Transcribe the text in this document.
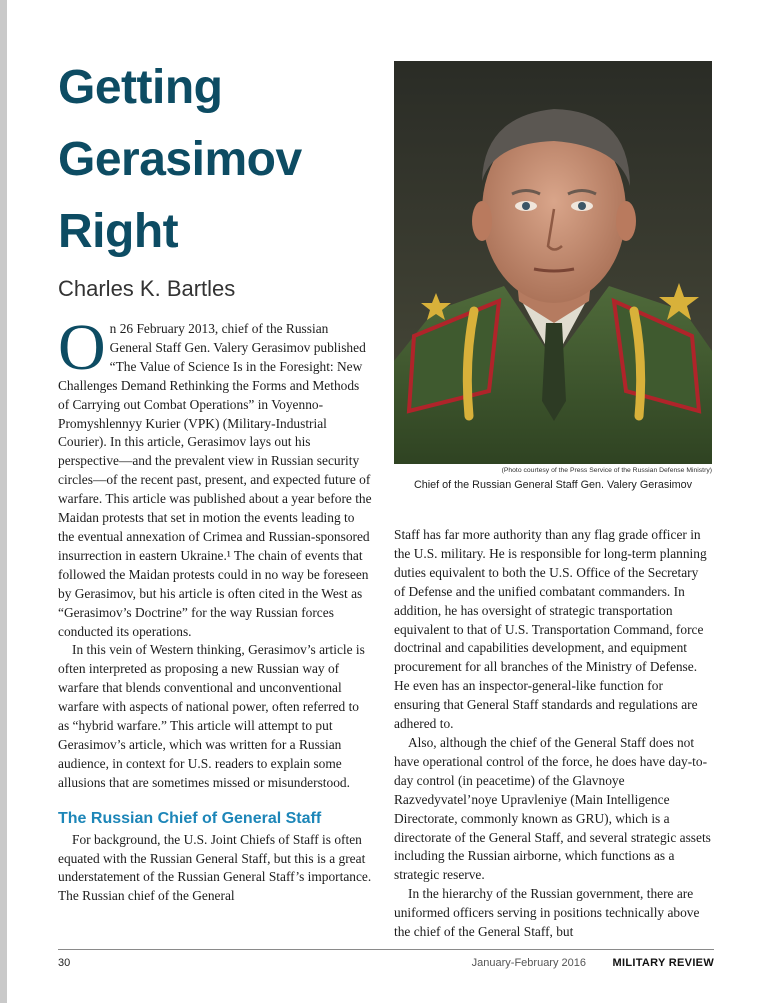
Getting
Gerasimov
Right

Charles K. Bartles

On 26 February 2013, chief of the Russian General Staff Gen. Valery Gerasimov published “The Value of Science Is in the Foresight: New Challenges Demand Rethinking the Forms and Methods of Carrying out Combat Operations” in Voyenno-Promyshlennyy Kurier (VPK) (Military-Industrial Courier). In this article, Gerasimov lays out his perspective—and the prevalent view in Russian security circles—of the recent past, present, and expected future of warfare. This article was published about a year before the Maidan protests that set in motion the events leading to the eventual annexation of Crimea and Russian-sponsored insurrection in eastern Ukraine.¹ The chain of events that followed the Maidan protests could in no way be foreseen by Gerasimov, but his article is often cited in the West as “Gerasimov’s Doctrine” for the way Russian forces conducted its operations.

In this vein of Western thinking, Gerasimov’s article is often interpreted as proposing a new Russian way of warfare that blends conventional and unconventional warfare with aspects of national power, often referred to as “hybrid warfare.” This article will attempt to put Gerasimov’s article, which was written for a Russian audience, in context for U.S. readers to explain some allusions that are sometimes missed or misunderstood.

The Russian Chief of General Staff

For background, the U.S. Joint Chiefs of Staff is often equated with the Russian General Staff, but this is a great understatement of the Russian General Staff’s importance. The Russian chief of the General

(Photo courtesy of the Press Service of the Russian Defense Ministry)
Chief of the Russian General Staff Gen. Valery Gerasimov

Staff has far more authority than any flag grade officer in the U.S. military. He is responsible for long-term planning duties equivalent to both the U.S. Office of the Secretary of Defense and the unified combatant commanders. In addition, he has oversight of strategic transportation equivalent to that of U.S. Transportation Command, force doctrinal and capabilities development, and equipment procurement for all branches of the Ministry of Defense. He even has an inspector-general-like function for ensuring that General Staff standards and regulations are adhered to.

Also, although the chief of the General Staff does not have operational control of the force, he does have day-to-day control (in peacetime) of the Glavnoye Razvedyvatel’noye Upravleniye (Main Intelligence Directorate, commonly known as GRU), which is a directorate of the General Staff, and several strategic assets including the Russian airborne, which functions as a strategic reserve.

In the hierarchy of the Russian government, there are uniformed officers serving in positions technically above the chief of the General Staff, but

30	January-February 2016 MILITARY REVIEW
